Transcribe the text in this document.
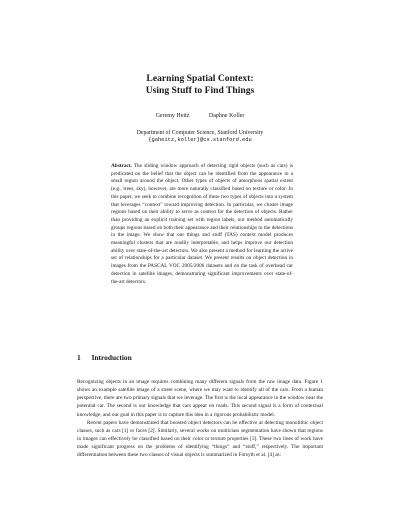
Learning Spatial Context:
Using Stuff to Find Things
Geremy Heitz	Daphne Koller
Department of Computer Science, Stanford University
{gaheitz,koller}@cs.stanford.edu
Abstract. The sliding window approach of detecting rigid objects (such as cars) is predicated on the belief that the object can be identified from the appearance in a small region around the object. Other types of objects of amorphous spatial extent (e.g., trees, sky), however, are more naturally classified based on texture or color. In this paper, we seek to combine recognition of these two types of objects into a system that leverages “context” toward improving detection. In particular, we cluster image regions based on their ability to serve as context for the detection of objects. Rather than providing an explicit training set with region labels, our method automatically groups regions based on both their appearance and their relationships to the detections in the image. We show that our things and stuff (TAS) context model produces meaningful clusters that are readily interpretable, and helps improve our detection ability over state-of-the-art detectors. We also present a method for learning the active set of relationships for a particular dataset. We present results on object detection in images from the PASCAL VOC 2005/2006 datasets and on the task of overhead car detection in satellite images, demonstrating significant improvements over state-of-the-art detectors.
1 Introduction

Recognizing objects in an image requires combining many different signals from the raw image data. Figure 1 shows an example satellite image of a street scene, where we may want to identify all of the cars. From a human perspective, there are two primary signals that we leverage. The first is the local appearance in the window near the potential car. The second is our knowledge that cars appear on roads. This second signal is a form of contextual knowledge, and our goal in this paper is to capture this idea in a rigorous probabilistic model.

Recent papers have demonstrated that boosted object detectors can be effective at detecting monolithic object classes, such as cars [1] or faces [2]. Similarly, several works on multiclass segmentation have shown that regions in images can effectively be classified based on their color or texture properties [3]. These two lines of work have made significant progress on the problems of identifying “things” and “stuff,” respectively. The important differentiation between these two classes of visual objects is summarized in Forsyth et al. [4] as:
